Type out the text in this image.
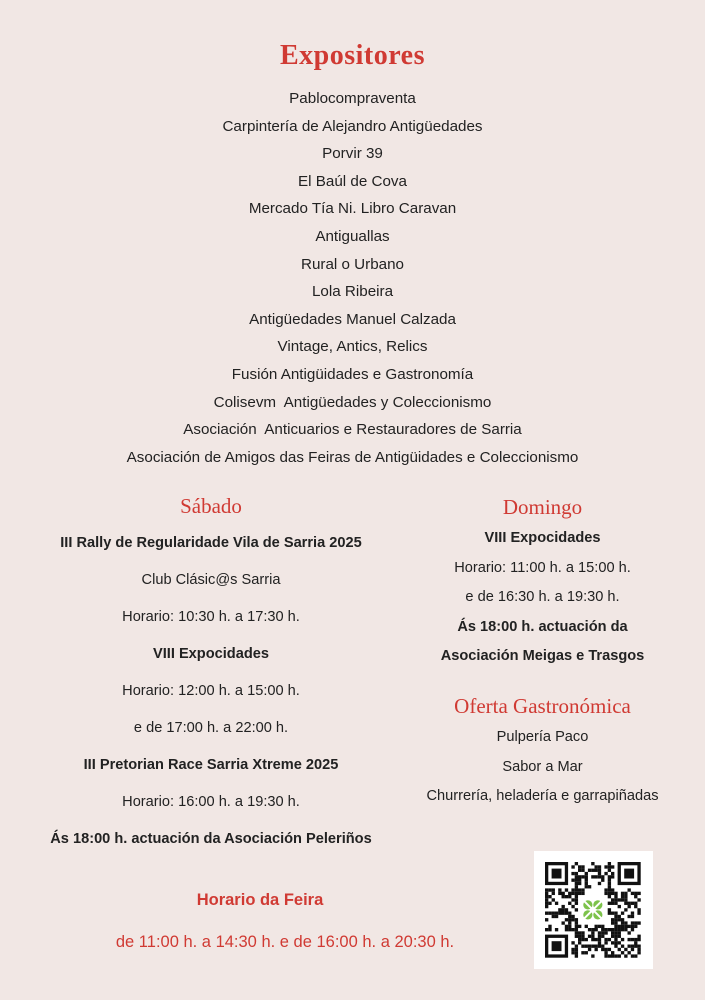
Expositores
Pablocompraventa
Carpintería de Alejandro Antigüedades
Porvir 39
El Baúl de Cova
Mercado Tía Ni. Libro Caravan
Antiguallas
Rural o Urbano
Lola Ribeira
Antigüedades Manuel Calzada
Vintage, Antics, Relics
Fusión Antigüidades e Gastronomía
Colisevm  Antigüedades y Coleccionismo
Asociación  Anticuarios e Restauradores de Sarria
Asociación de Amigos das Feiras de Antigüidades e Coleccionismo
Sábado

III Rally de Regularidade Vila de Sarria 2025

Club Clásic@s Sarria

Horario: 10:30 h. a 17:30 h.

VIII Expocidades

Horario: 12:00 h. a 15:00 h.

e de 17:00 h. a 22:00 h.

III Pretorian Race Sarria Xtreme 2025

Horario: 16:00 h. a 19:30 h.

Ás 18:00 h. actuación da Asociación Peleriños

Domingo

VIII Expocidades

Horario: 11:00 h. a 15:00 h.

e de 16:30 h. a 19:30 h.

Ás 18:00 h. actuación da

Asociación Meigas e Trasgos

Oferta Gastronómica

Pulpería Paco

Sabor a Mar

Churrería, heladería e garrapiñadas

Horario da Feira

de 11:00 h. a 14:30 h. e de 16:00 h. a 20:30 h.
